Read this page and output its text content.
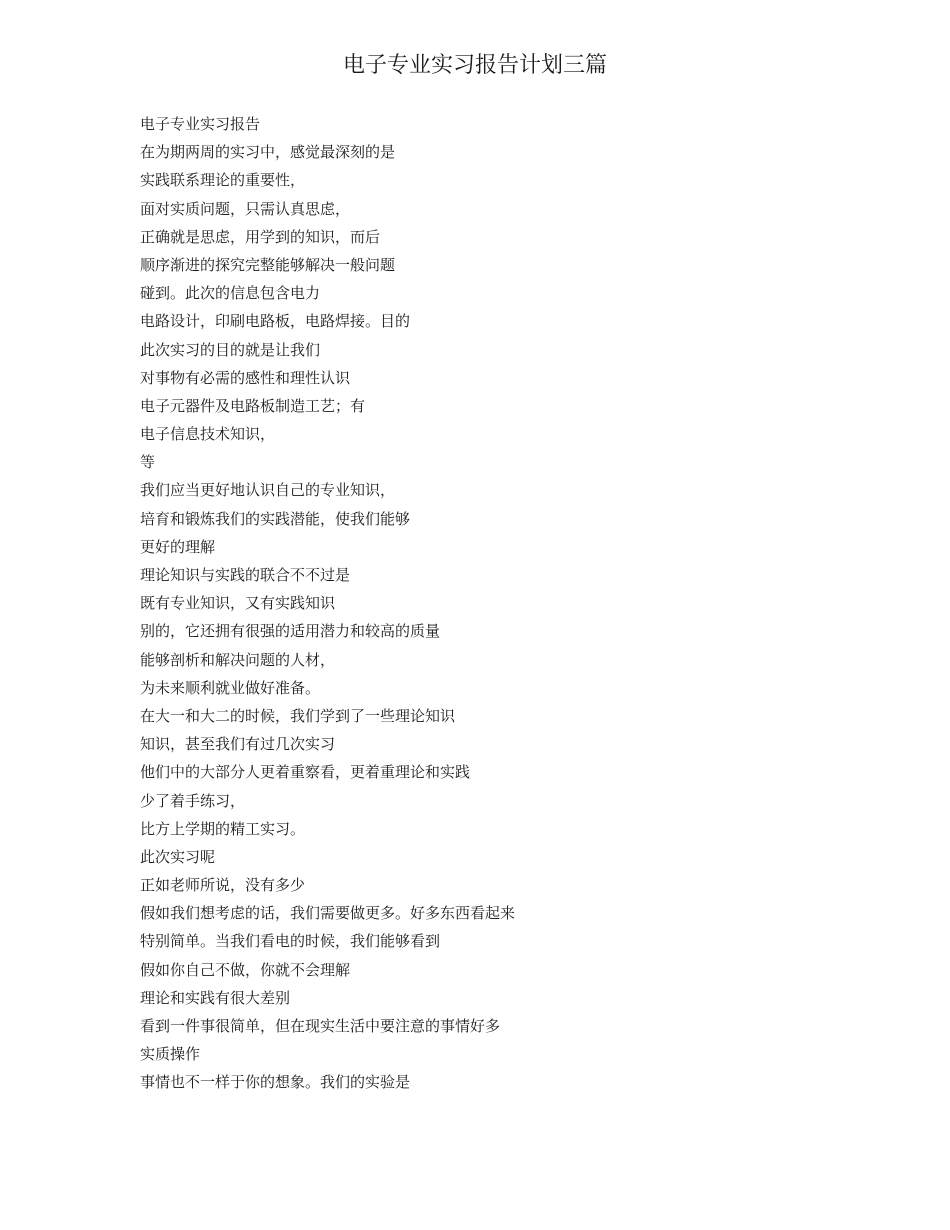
电子专业实习报告计划三篇
电子专业实习报告
在为期两周的实习中，感觉最深刻的是
实践联系理论的重要性，
面对实质问题，只需认真思虑，
正确就是思虑，用学到的知识，而后
顺序渐进的探究完整能够解决一般问题
碰到。此次的信息包含电力
电路设计，印刷电路板，电路焊接。目的
此次实习的目的就是让我们
对事物有必需的感性和理性认识
电子元器件及电路板制造工艺；有
电子信息技术知识，
等
我们应当更好地认识自己的专业知识，
培育和锻炼我们的实践潜能，使我们能够
更好的理解
理论知识与实践的联合不不过是
既有专业知识，又有实践知识
别的，它还拥有很强的适用潜力和较高的质量
能够剖析和解决问题的人材，
为未来顺利就业做好准备。
在大一和大二的时候，我们学到了一些理论知识
知识，甚至我们有过几次实习
他们中的大部分人更着重察看，更着重理论和实践
少了着手练习，
比方上学期的精工实习。
此次实习呢
正如老师所说，没有多少
假如我们想考虑的话，我们需要做更多。好多东西看起来
特别简单。当我们看电的时候，我们能够看到
假如你自己不做，你就不会理解
理论和实践有很大差别
看到一件事很简单，但在现实生活中要注意的事情好多
实质操作
事情也不一样于你的想象。我们的实验是
